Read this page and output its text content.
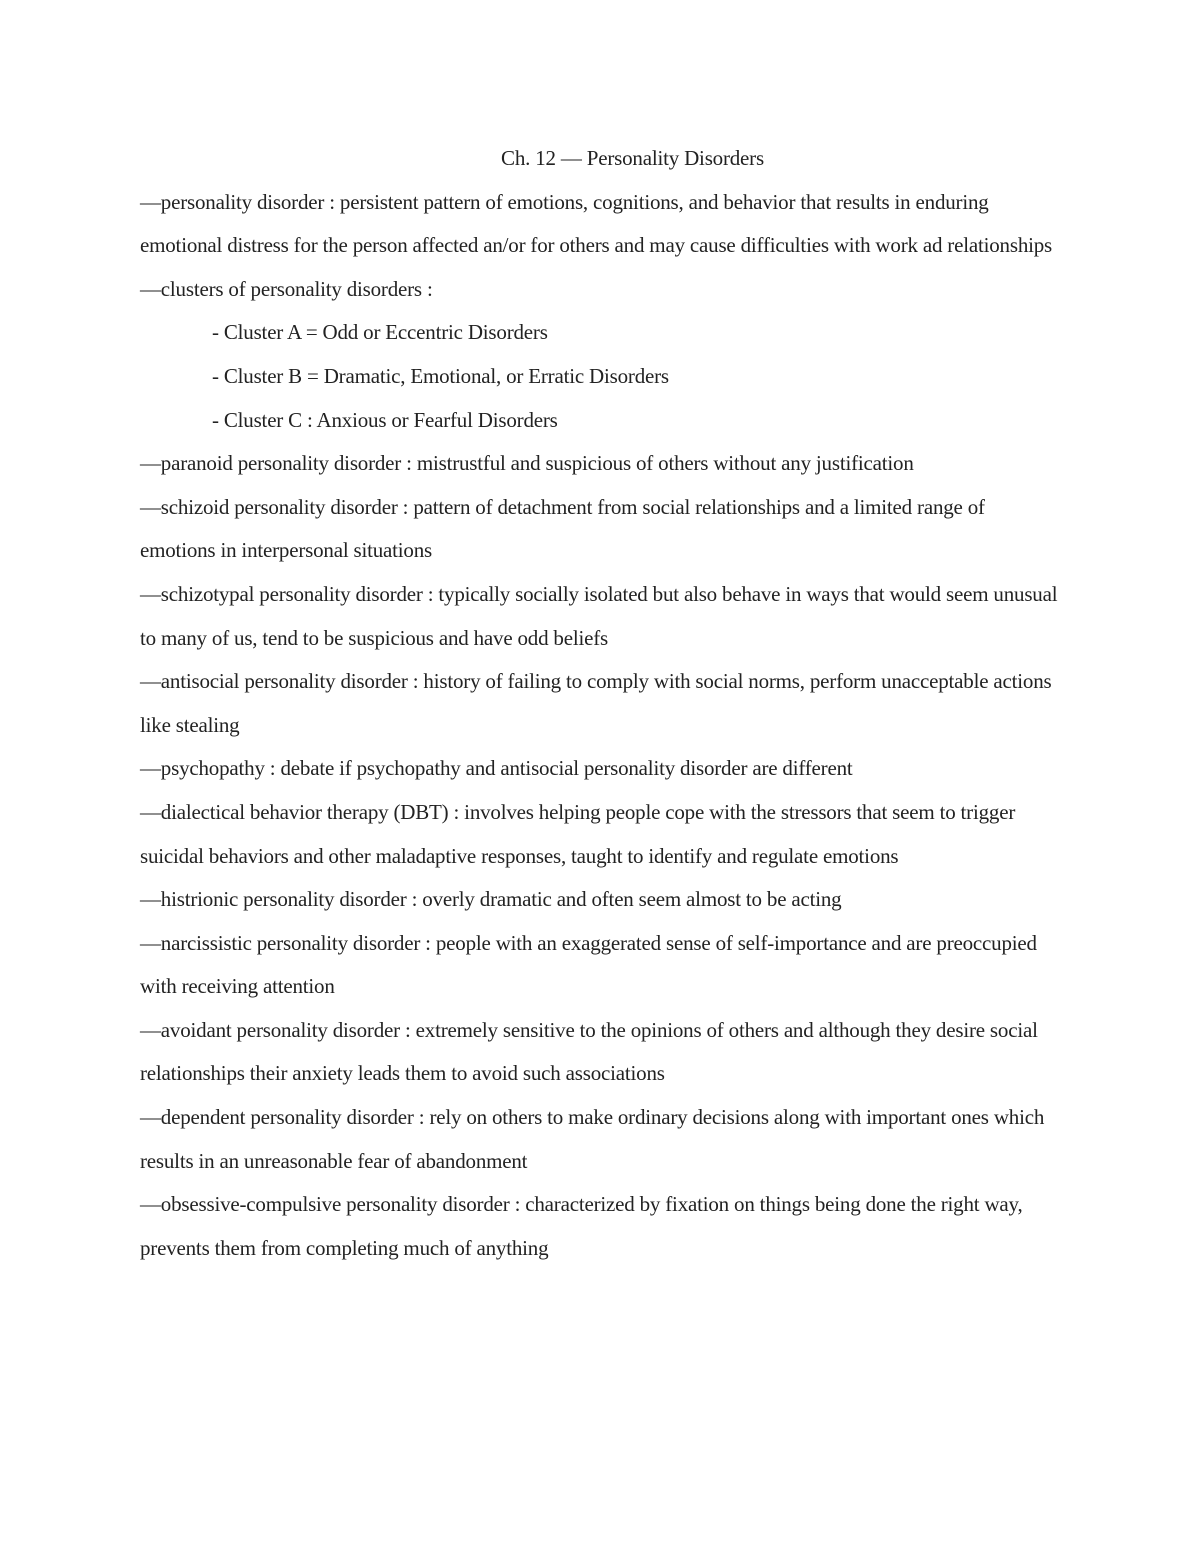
Ch. 12 — Personality Disorders

—personality disorder : persistent pattern of emotions, cognitions, and behavior that results in enduring emotional distress for the person affected an/or for others and may cause difficulties with work ad relationships

—clusters of personality disorders :

- Cluster A = Odd or Eccentric Disorders
- Cluster B = Dramatic, Emotional, or Erratic Disorders
- Cluster C : Anxious or Fearful Disorders

—paranoid personality disorder : mistrustful and suspicious of others without any justification

—schizoid personality disorder : pattern of detachment from social relationships and a limited range of emotions in interpersonal situations

—schizotypal personality disorder : typically socially isolated but also behave in ways that would seem unusual to many of us, tend to be suspicious and have odd beliefs

—antisocial personality disorder : history of failing to comply with social norms, perform unacceptable actions like stealing

—psychopathy : debate if psychopathy and antisocial personality disorder are different

—dialectical behavior therapy (DBT) : involves helping people cope with the stressors that seem to trigger suicidal behaviors and other maladaptive responses, taught to identify and regulate emotions

—histrionic personality disorder : overly dramatic and often seem almost to be acting

—narcissistic personality disorder : people with an exaggerated sense of self-importance and are preoccupied with receiving attention

—avoidant personality disorder : extremely sensitive to the opinions of others and although they desire social relationships their anxiety leads them to avoid such associations

—dependent personality disorder : rely on others to make ordinary decisions along with important ones which results in an unreasonable fear of abandonment

—obsessive-compulsive personality disorder : characterized by fixation on things being done the right way, prevents them from completing much of anything
